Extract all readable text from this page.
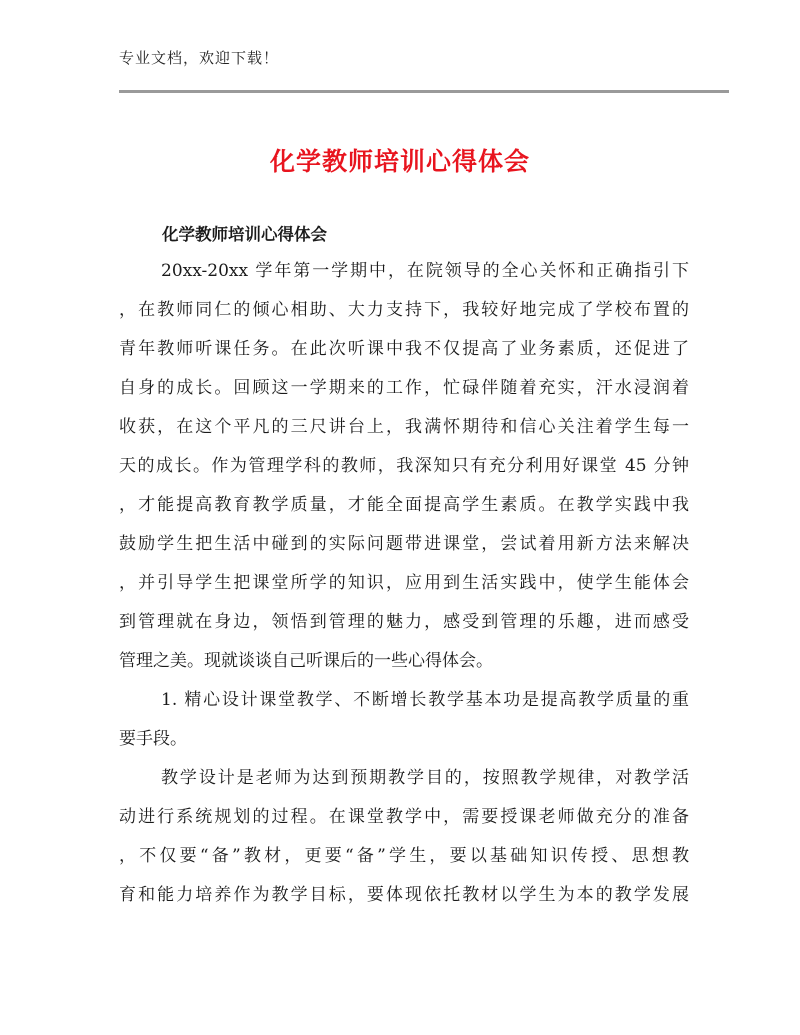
专业文档，欢迎下载！
化学教师培训心得体会
化学教师培训心得体会
20xx-20xx 学年第一学期中，在院领导的全心关怀和正确指引下
，在教师同仁的倾心相助、大力支持下，我较好地完成了学校布置的
青年教师听课任务。在此次听课中我不仅提高了业务素质，还促进了
自身的成长。回顾这一学期来的工作，忙碌伴随着充实，汗水浸润着
收获，在这个平凡的三尺讲台上，我满怀期待和信心关注着学生每一
天的成长。作为管理学科的教师，我深知只有充分利用好课堂 45 分钟
，才能提高教育教学质量，才能全面提高学生素质。在教学实践中我
鼓励学生把生活中碰到的实际问题带进课堂，尝试着用新方法来解决
，并引导学生把课堂所学的知识，应用到生活实践中，使学生能体会
到管理就在身边，领悟到管理的魅力，感受到管理的乐趣，进而感受
管理之美。现就谈谈自己听课后的一些心得体会。
1. 精心设计课堂教学、不断增长教学基本功是提高教学质量的重
要手段。
教学设计是老师为达到预期教学目的，按照教学规律，对教学活
动进行系统规划的过程。在课堂教学中，需要授课老师做充分的准备
，不仅要“备”教材，更要“备”学生，要以基础知识传授、思想教
育和能力培养作为教学目标，要体现依托教材以学生为本的教学发展
